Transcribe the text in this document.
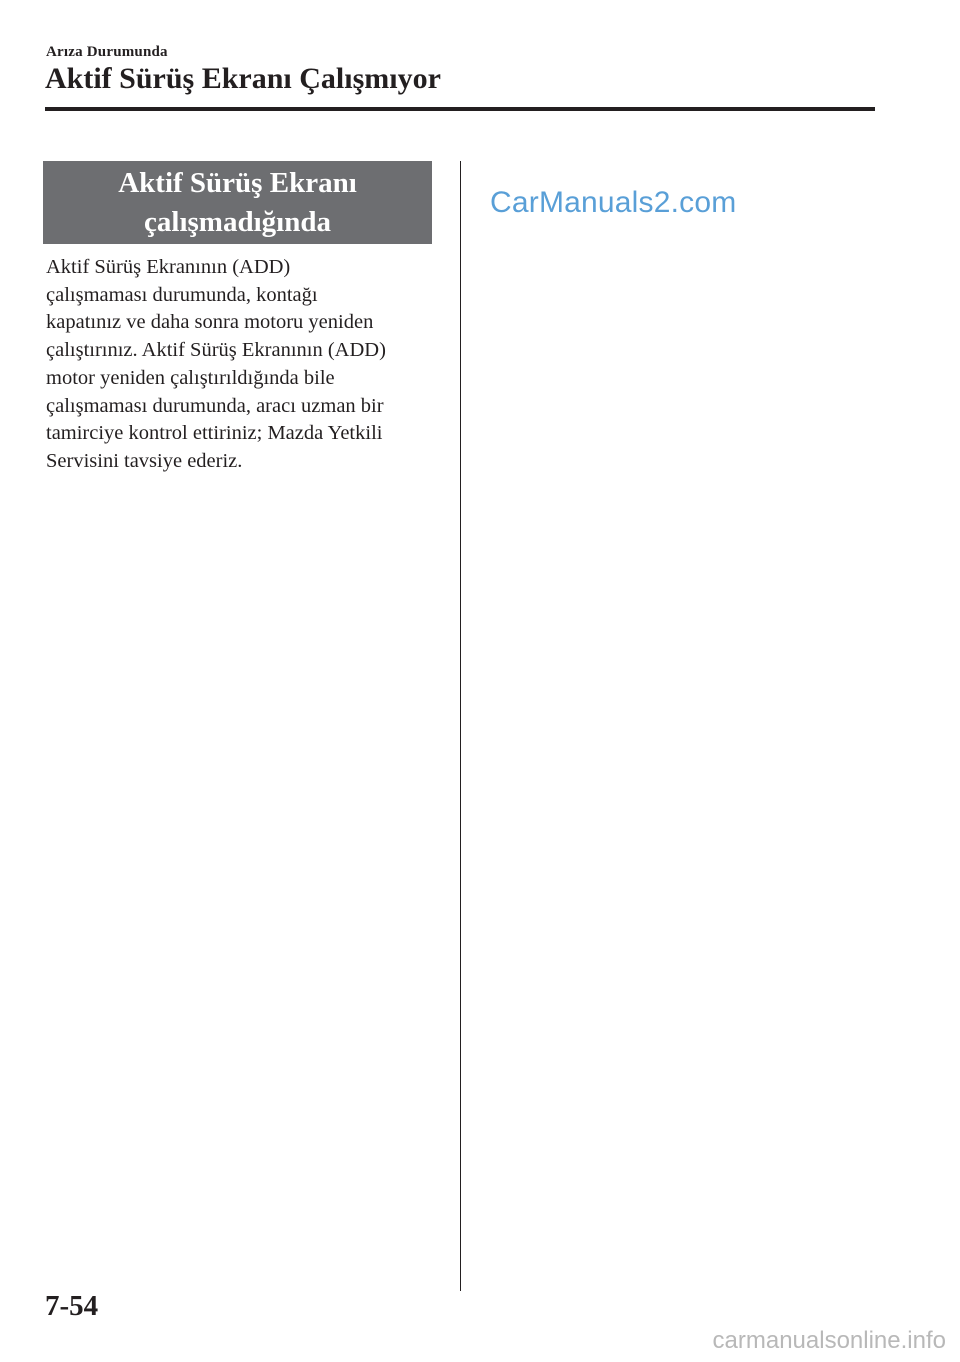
Arıza Durumunda
Aktif Sürüş Ekranı Çalışmıyor
Aktif Sürüş Ekranı
çalışmadığında
Aktif Sürüş Ekranının (ADD)
çalışmaması durumunda, kontağı
kapatınız ve daha sonra motoru yeniden
çalıştırınız. Aktif Sürüş Ekranının (ADD)
motor yeniden çalıştırıldığında bile
çalışmaması durumunda, aracı uzman bir
tamirciye kontrol ettiriniz; Mazda Yetkili
Servisini tavsiye ederiz.
CarManuals2.com
7-54
carmanualsonline.info
